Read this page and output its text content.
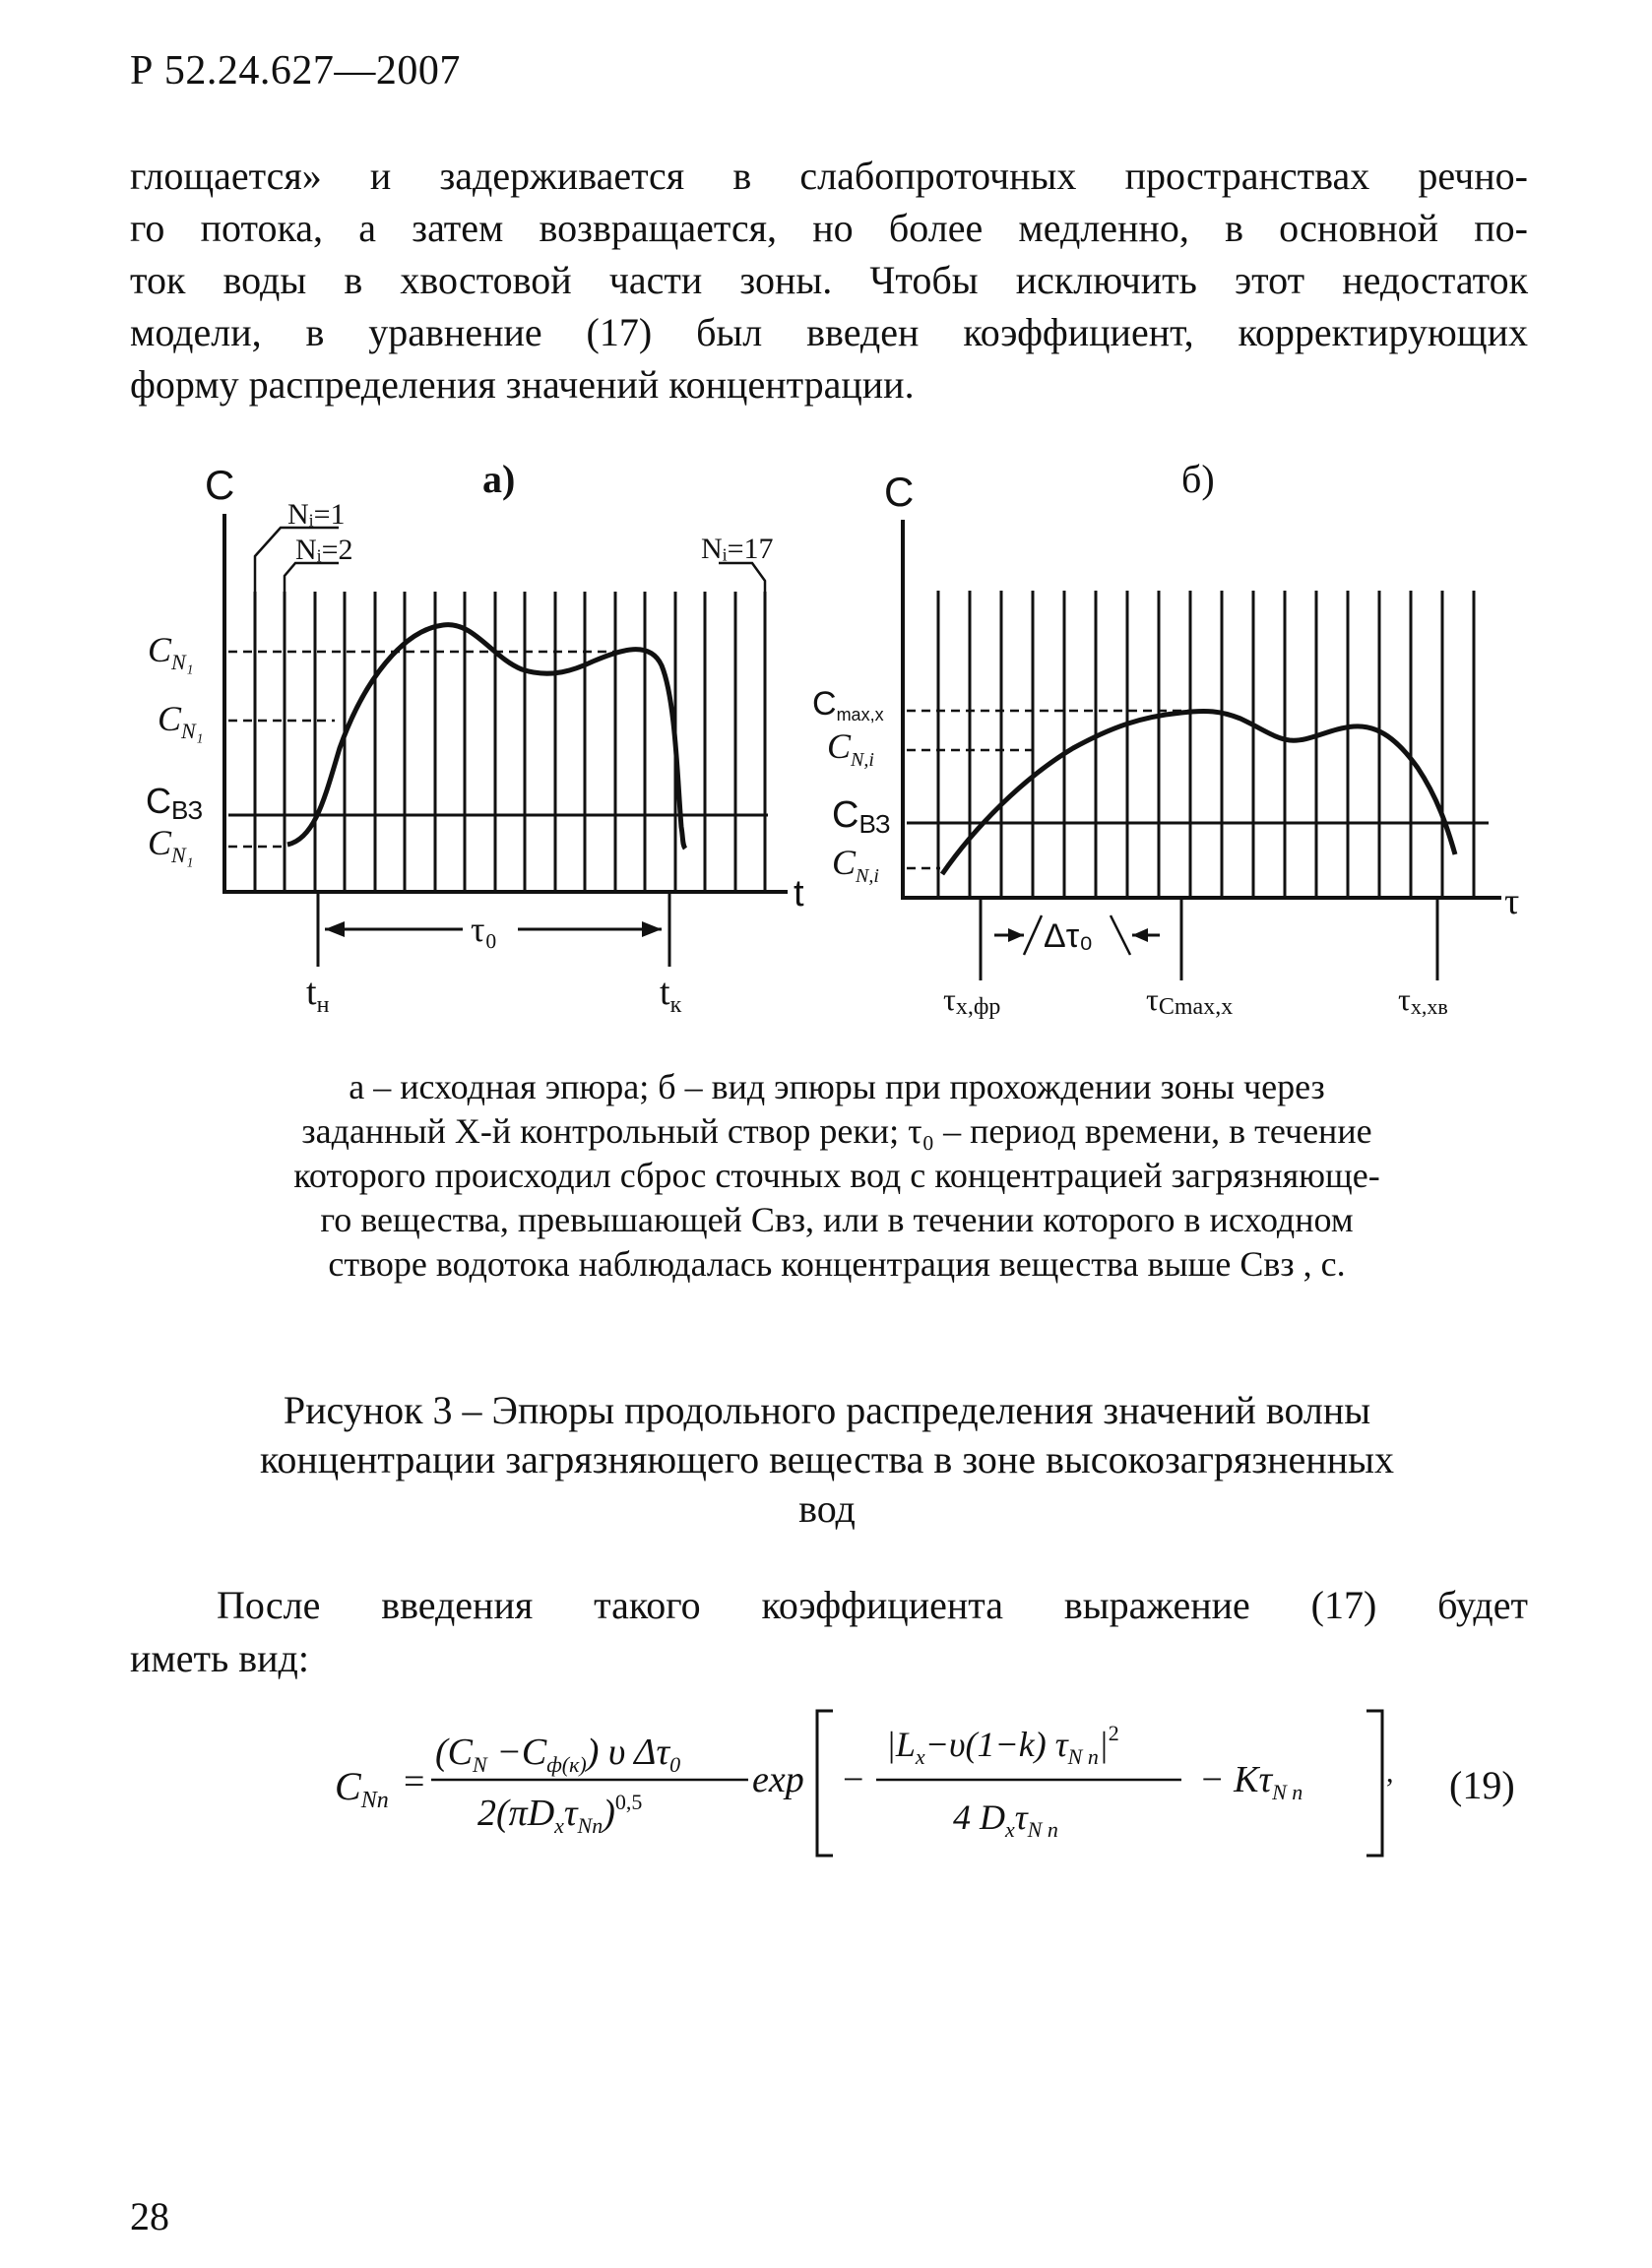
Р 52.24.627—2007
глощается» и задерживается в слабопроточных пространствах речно-
го потока, а затем возвращается, но более медленно, в основной по-
ток воды в хвостовой части зоны. Чтобы исключить этот недостаток
модели, в уравнение (17) был введен коэффициент, корректирующих
форму распределения значений концентрации.
C	а)
t
Nᵢ=1
Nᵢ=2	Nᵢ=17
$C_{N_1}$
$C_{N_1}$
CВЗ
$C_{N_1}$
τ₀
$t_н$	$t_к$
C	б)
τ
Cmax,x
$C_{N,i}$
CВЗ
$C_{N,i}$
Δτ₀
τх,фр	τCmax,x	τх,хв
а – исходная эпюра; б – вид эпюры при прохождении зоны через
заданный Х-й контрольный створ реки; τ₀ – период времени, в течение
которого происходил сброс сточных вод с концентрацией загрязняюще-
го вещества, превышающей Свз, или в течении которого в исходном
створе водотока наблюдалась концентрация вещества выше Свз , с.
Рисунок 3 – Эпюры продольного распределения значений волны
концентрации загрязняющего вещества в зоне высокозагрязненных
вод
После введения такого коэффициента выражение (17) будет
иметь вид:
$C_{Nn}$ =
$(C_N -C_{ф(к)})$ υ $\Delta\tau_0$
$2(\pi D_x\tau_{Nn})^{0,5}$
exp −
$|L_x-\upsilon(1-k)$ $\tau_{N n}|^2$
4 $D_x\tau_{N n}$
− $K\tau_{N n}$
, (19)
28
